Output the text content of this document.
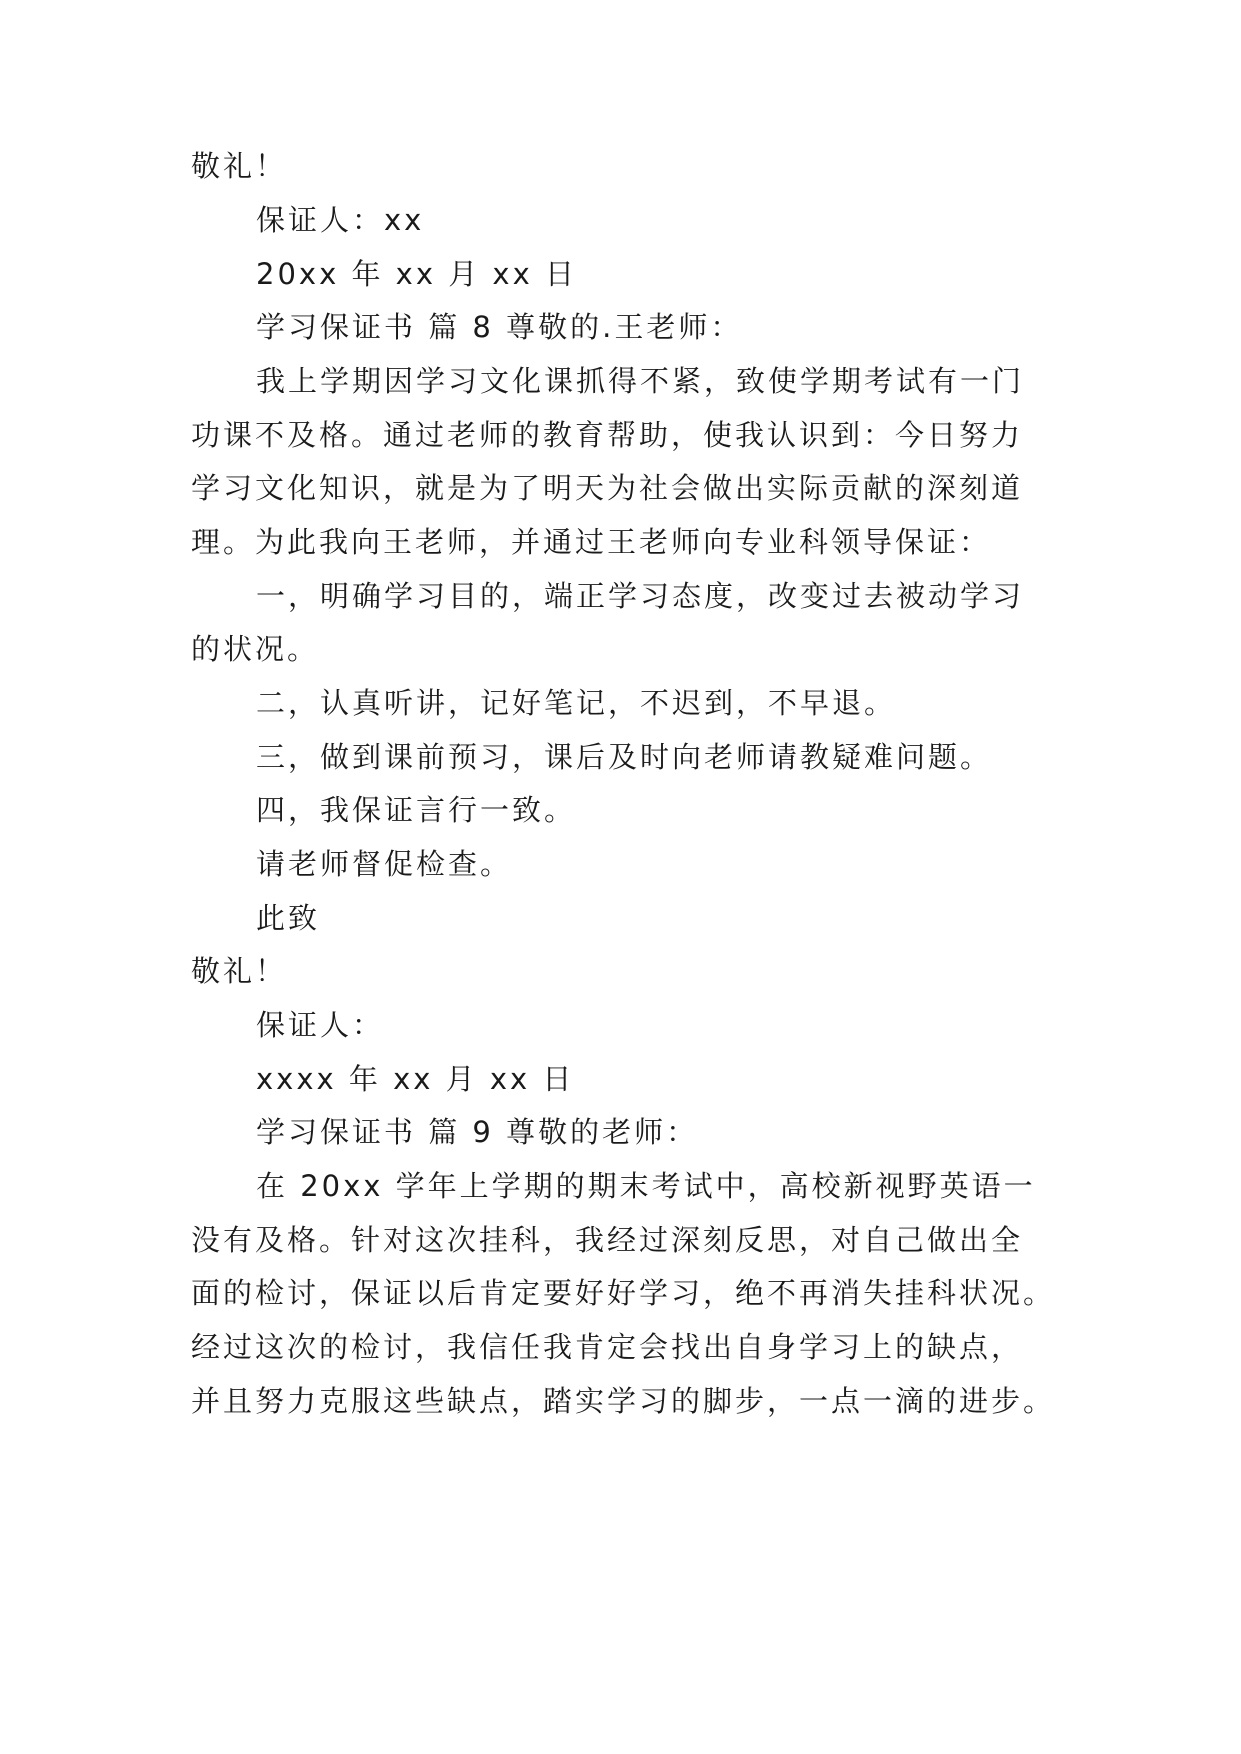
敬礼！
保证人：xx
20xx 年 xx 月 xx 日
学习保证书 篇 8 尊敬的.王老师：
我上学期因学习文化课抓得不紧，致使学期考试有一门
功课不及格。通过老师的教育帮助，使我认识到：今日努力
学习文化知识，就是为了明天为社会做出实际贡献的深刻道
理。为此我向王老师，并通过王老师向专业科领导保证：
一，明确学习目的，端正学习态度，改变过去被动学习
的状况。
二，认真听讲，记好笔记，不迟到，不早退。
三，做到课前预习，课后及时向老师请教疑难问题。
四，我保证言行一致。
请老师督促检查。
此致
敬礼！
保证人：
xxxx 年 xx 月 xx 日
学习保证书 篇 9 尊敬的老师：
在 20xx 学年上学期的期末考试中，高校新视野英语一
没有及格。针对这次挂科，我经过深刻反思，对自己做出全
面的检讨，保证以后肯定要好好学习，绝不再消失挂科状况。
经过这次的检讨，我信任我肯定会找出自身学习上的缺点，
并且努力克服这些缺点，踏实学习的脚步，一点一滴的进步。
